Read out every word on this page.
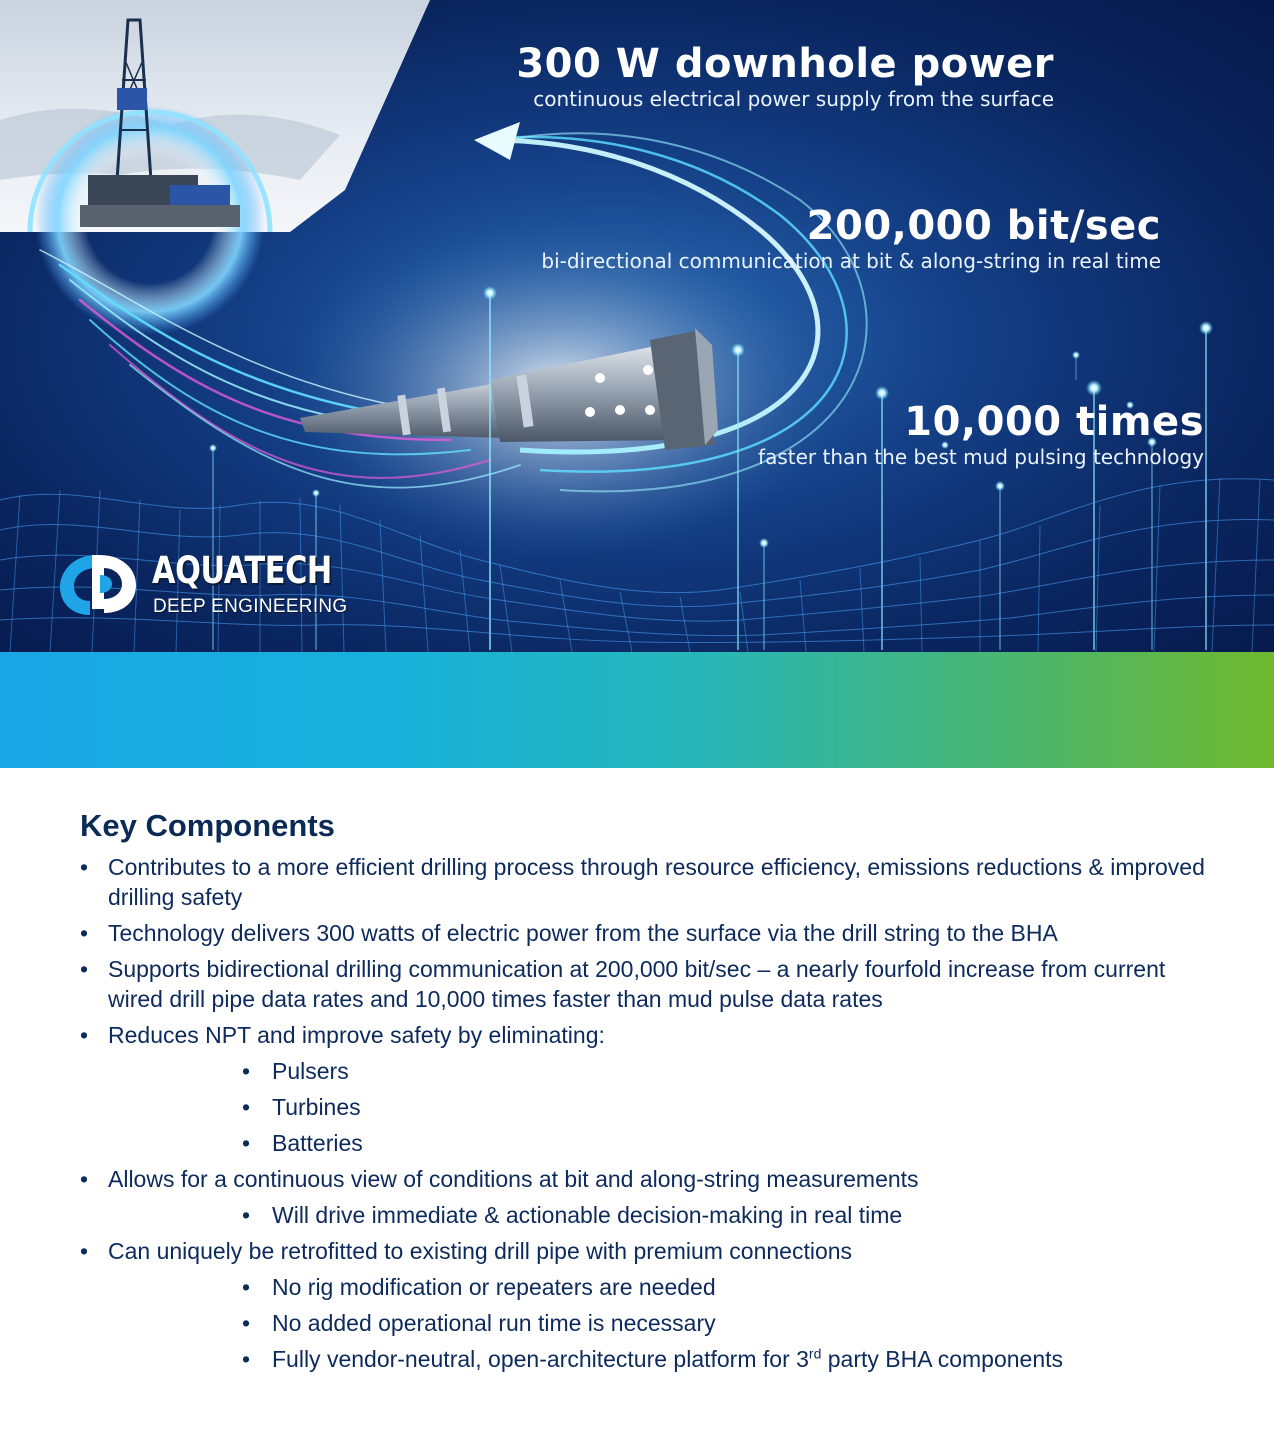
300 W downhole power
continuous electrical power supply from the surface
200,000 bit/sec
bi-directional communication at bit & along-string in real time
10,000 times
faster than the best mud pulsing technology
AQUATECH
DEEP ENGINEERING
Key Components
• Contributes to a more efficient drilling process through resource efficiency, emissions reductions & improved drilling safety
• Technology delivers 300 watts of electric power from the surface via the drill string to the BHA
• Supports bidirectional drilling communication at 200,000 bit/sec – a nearly fourfold increase from current wired drill pipe data rates and 10,000 times faster than mud pulse data rates
• Reduces NPT and improve safety by eliminating:
• Pulsers
• Turbines
• Batteries
• Allows for a continuous view of conditions at bit and along-string measurements
• Will drive immediate & actionable decision-making in real time
• Can uniquely be retrofitted to existing drill pipe with premium connections
• No rig modification or repeaters are needed
• No added operational run time is necessary
• Fully vendor-neutral, open-architecture platform for 3rd party BHA components
